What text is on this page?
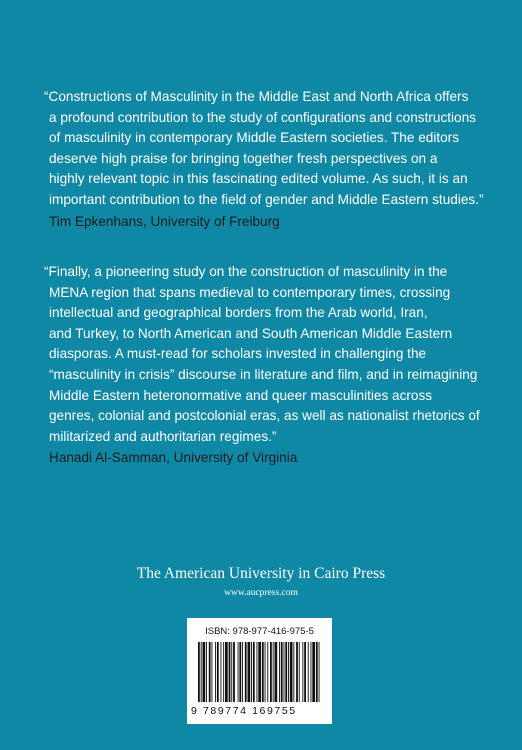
“Constructions of Masculinity in the Middle East and North Africa offers
a profound contribution to the study of configurations and constructions
of masculinity in contemporary Middle Eastern societies. The editors
deserve high praise for bringing together fresh perspectives on a
highly relevant topic in this fascinating edited volume. As such, it is an
important contribution to the field of gender and Middle Eastern studies.”
Tim Epkenhans, University of Freiburg
“Finally, a pioneering study on the construction of masculinity in the
MENA region that spans medieval to contemporary times, crossing
intellectual and geographical borders from the Arab world, Iran,
and Turkey, to North American and South American Middle Eastern
diasporas. A must-read for scholars invested in challenging the
“masculinity in crisis” discourse in literature and film, and in reimagining
Middle Eastern heteronormative and queer masculinities across
genres, colonial and postcolonial eras, as well as nationalist rhetorics of
militarized and authoritarian regimes.”
Hanadi Al-Samman, University of Virginia
The American University in Cairo Press
www.aucpress.com
ISBN: 978-977-416-975-5
9 789774 169755
